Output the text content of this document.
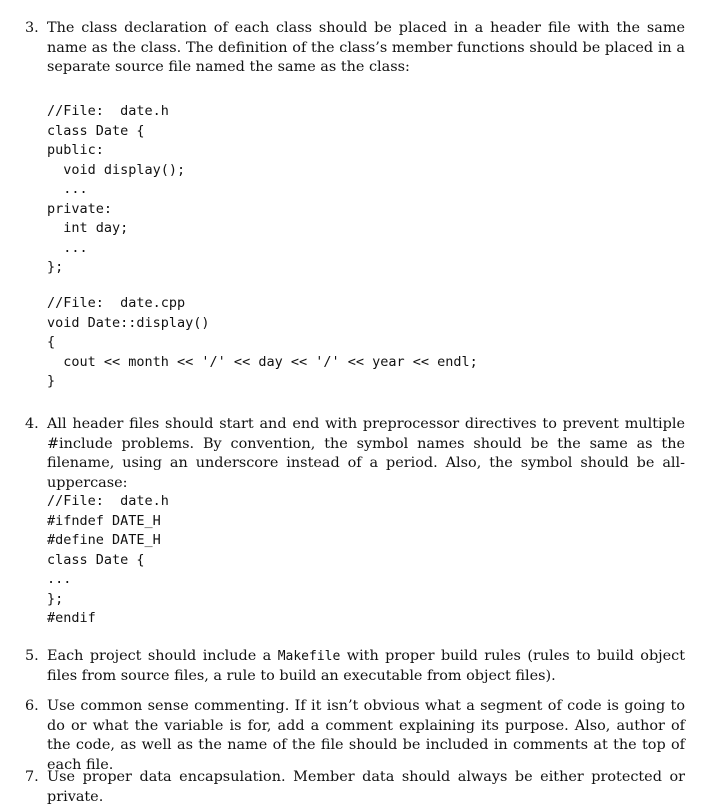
3. The class declaration of each class should be placed in a header file with the same name as the class. The definition of the class’s member functions should be placed in a separate source file named the same as the class:
//File:  date.h
class Date {
public:
void display();
...
private:
int day;
...
};
//File:  date.cpp
void Date::display()
{
cout << month << '/' << day << '/' << year << endl;
}
4. All header files should start and end with preprocessor directives to prevent multiple #include problems. By convention, the symbol names should be the same as the filename, using an underscore instead of a period. Also, the symbol should be all-uppercase:
//File:  date.h
#ifndef DATE_H
#define DATE_H
class Date {
...
};
#endif
5. Each project should include a Makefile with proper build rules (rules to build object files from source files, a rule to build an executable from object files).
6. Use common sense commenting. If it isn’t obvious what a segment of code is going to do or what the variable is for, add a comment explaining its purpose. Also, author of the code, as well as the name of the file should be included in comments at the top of each file.
7. Use proper data encapsulation. Member data should always be either protected or private.
